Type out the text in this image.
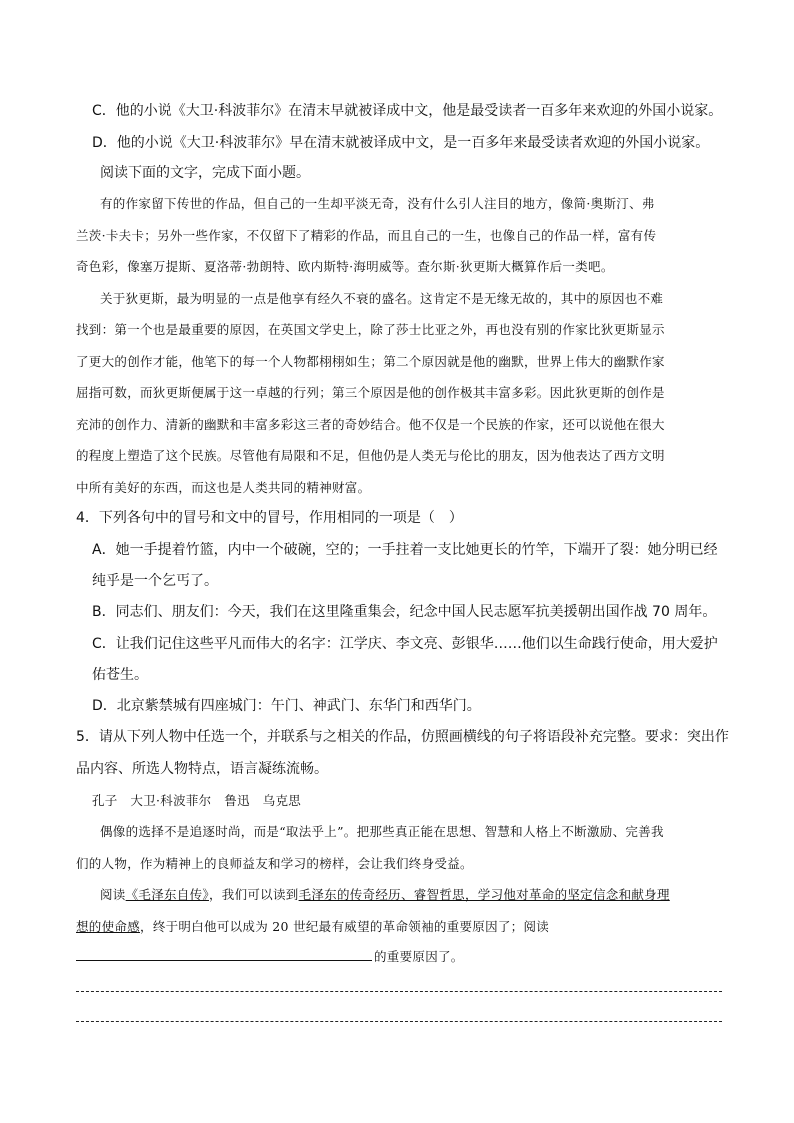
C．他的小说《大卫·科波菲尔》在清末早就被译成中文，他是最受读者一百多年来欢迎的外国小说家。
D．他的小说《大卫·科波菲尔》早在清末就被译成中文，是一百多年来最受读者欢迎的外国小说家。
阅读下面的文字，完成下面小题。
有的作家留下传世的作品，但自己的一生却平淡无奇，没有什么引人注目的地方，像简·奥斯汀、弗
兰茨·卡夫卡；另外一些作家，不仅留下了精彩的作品，而且自己的一生，也像自己的作品一样，富有传
奇色彩，像塞万提斯、夏洛蒂·勃朗特、欧内斯特·海明威等。查尔斯·狄更斯大概算作后一类吧。
关于狄更斯，最为明显的一点是他享有经久不衰的盛名。这肯定不是无缘无故的，其中的原因也不难
找到：第一个也是最重要的原因，在英国文学史上，除了莎士比亚之外，再也没有别的作家比狄更斯显示
了更大的创作才能，他笔下的每一个人物都栩栩如生；第二个原因就是他的幽默，世界上伟大的幽默作家
屈指可数，而狄更斯便属于这一卓越的行列；第三个原因是他的创作极其丰富多彩。因此狄更斯的创作是
充沛的创作力、清新的幽默和丰富多彩这三者的奇妙结合。他不仅是一个民族的作家，还可以说他在很大
的程度上塑造了这个民族。尽管他有局限和不足，但他仍是人类无与伦比的朋友，因为他表达了西方文明
中所有美好的东西，而这也是人类共同的精神财富。
4．下列各句中的冒号和文中的冒号，作用相同的一项是（　）
A．她一手提着竹篮，内中一个破碗，空的；一手拄着一支比她更长的竹竿，下端开了裂：她分明已经
纯乎是一个乞丐了。
B．同志们、朋友们：今天，我们在这里隆重集会，纪念中国人民志愿军抗美援朝出国作战 70 周年。
C．让我们记住这些平凡而伟大的名字：江学庆、李文亮、彭银华……他们以生命践行使命，用大爱护
佑苍生。
D．北京紫禁城有四座城门：午门、神武门、东华门和西华门。
5．请从下列人物中任选一个，并联系与之相关的作品，仿照画横线的句子将语段补充完整。要求：突出作
品内容、所选人物特点，语言凝练流畅。
孔子　大卫·科波菲尔　鲁迅　乌克思
偶像的选择不是追逐时尚，而是“取法乎上”。把那些真正能在思想、智慧和人格上不断激励、完善我
们的人物，作为精神上的良师益友和学习的榜样，会让我们终身受益。
阅读《毛泽东自传》，我们可以读到毛泽东的传奇经历、睿智哲思，学习他对革命的坚定信念和献身理
想的使命感，终于明白他可以成为 20 世纪最有威望的革命领袖的重要原因了；阅读
的重要原因了。
